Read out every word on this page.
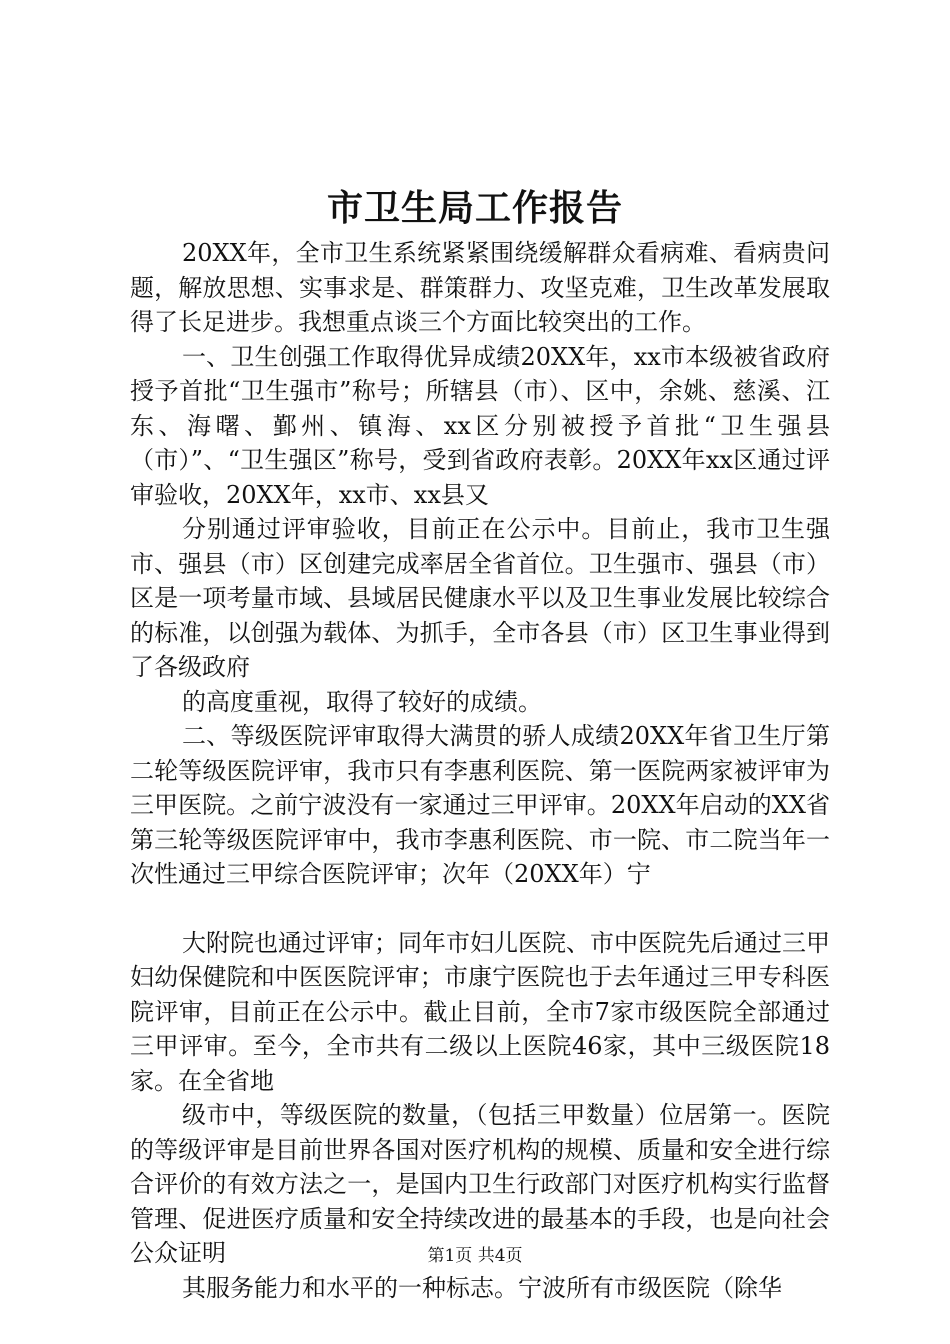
市卫生局工作报告

20XX年，全市卫生系统紧紧围绕缓解群众看病难、看病贵问题，解放思想、实事求是、群策群力、攻坚克难，卫生改革发展取得了长足进步。我想重点谈三个方面比较突出的工作。

一、卫生创强工作取得优异成绩20XX年，xx市本级被省政府授予首批“卫生强市”称号；所辖县（市）、区中，余姚、慈溪、江东、海曙、鄞州、镇海、xx区分别被授予首批“卫生强县（市）”、“卫生强区”称号，受到省政府表彰。20XX年xx区通过评审验收，20XX年，xx市、xx县又

分别通过评审验收，目前正在公示中。目前止，我市卫生强市、强县（市）区创建完成率居全省首位。卫生强市、强县（市）区是一项考量市域、县域居民健康水平以及卫生事业发展比较综合的标准，以创强为载体、为抓手，全市各县（市）区卫生事业得到了各级政府

的高度重视，取得了较好的成绩。

二、等级医院评审取得大满贯的骄人成绩20XX年省卫生厅第二轮等级医院评审，我市只有李惠利医院、第一医院两家被评审为三甲医院。之前宁波没有一家通过三甲评审。20XX年启动的XX省第三轮等级医院评审中，我市李惠利医院、市一院、市二院当年一次性通过三甲综合医院评审；次年（20XX年）宁

大附院也通过评审；同年市妇儿医院、市中医院先后通过三甲妇幼保健院和中医医院评审；市康宁医院也于去年通过三甲专科医院评审，目前正在公示中。截止目前，全市7家市级医院全部通过三甲评审。至今，全市共有二级以上医院46家，其中三级医院18家。在全省地

级市中，等级医院的数量，（包括三甲数量）位居第一。医院的等级评审是目前世界各国对医疗机构的规模、质量和安全进行综合评价的有效方法之一，是国内卫生行政部门对医疗机构实行监督管理、促进医疗质量和安全持续改进的最基本的手段，也是向社会公众证明

其服务能力和水平的一种标志。宁波所有市级医院（除华

第1页 共4页
